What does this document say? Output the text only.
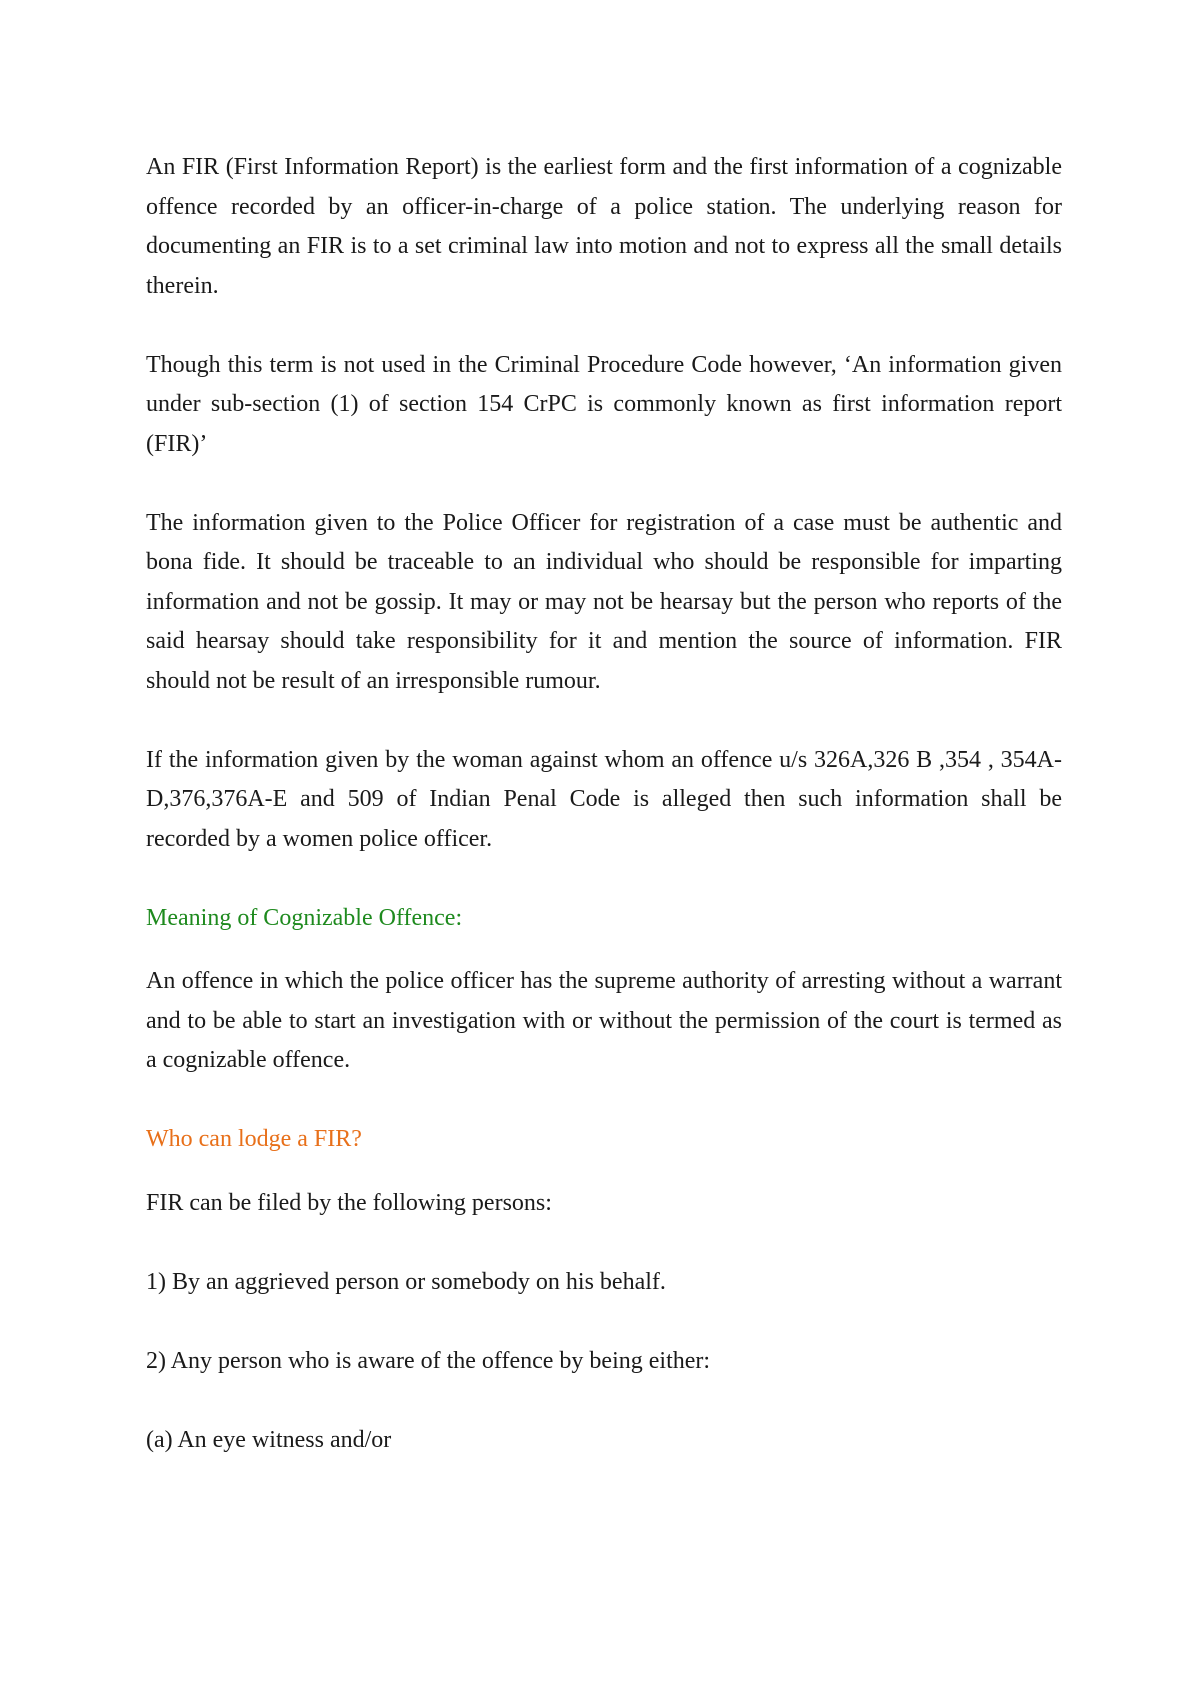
An FIR (First Information Report) is the earliest form and the first information of a cognizable offence recorded by an officer-in-charge of a police station. The underlying reason for documenting an FIR is to a set criminal law into motion and not to express all the small details therein.

Though this term is not used in the Criminal Procedure Code however, ‘An information given under sub-section (1) of section 154 CrPC is commonly known as first information report (FIR)’

The information given to the Police Officer for registration of a case must be authentic and bona fide. It should be traceable to an individual who should be responsible for imparting information and not be gossip. It may or may not be hearsay but the person who reports of the said hearsay should take responsibility for it and mention the source of information. FIR should not be result of an irresponsible rumour.

If the information given by the woman against whom an offence u/s 326A,326 B ,354 , 354A-D,376,376A-E and 509 of Indian Penal Code is alleged then such information shall be recorded by a women police officer.

Meaning of Cognizable Offence:

An offence in which the police officer has the supreme authority of arresting without a warrant and to be able to start an investigation with or without the permission of the court is termed as a cognizable offence.

Who can lodge a FIR?

FIR can be filed by the following persons:

1) By an aggrieved person or somebody on his behalf.

2) Any person who is aware of the offence by being either:

(a) An eye witness and/or
